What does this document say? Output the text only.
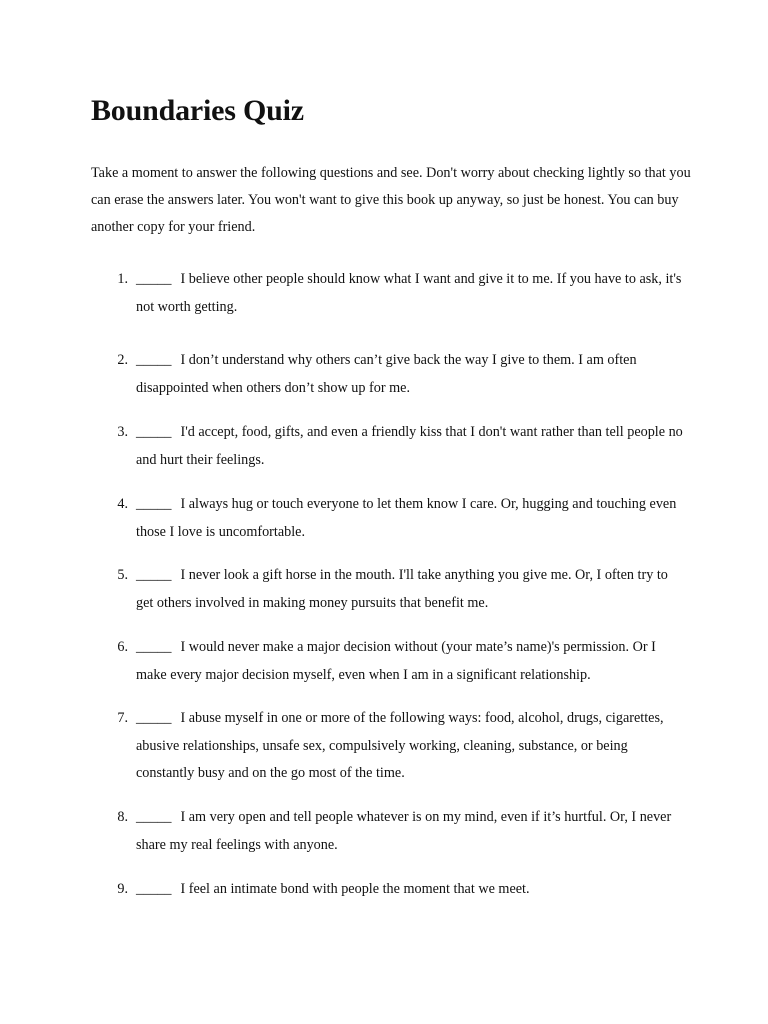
Boundaries Quiz

Take a moment to answer the following questions and see. Don't worry about checking lightly so that you can erase the answers later. You won't want to give this book up anyway, so just be honest. You can buy another copy for your friend.

1. _____ I believe other people should know what I want and give it to me. If you have to ask, it's not worth getting.
2. _____ I don’t understand why others can’t give back the way I give to them. I am often disappointed when others don’t show up for me.
3. _____ I'd accept, food, gifts, and even a friendly kiss that I don't want rather than tell people no and hurt their feelings.
4. _____ I always hug or touch everyone to let them know I care. Or, hugging and touching even those I love is uncomfortable.
5. _____ I never look a gift horse in the mouth. I'll take anything you give me. Or, I often try to get others involved in making money pursuits that benefit me.
6. _____ I would never make a major decision without (your mate’s name)'s permission. Or I make every major decision myself, even when I am in a significant relationship.
7. _____ I abuse myself in one or more of the following ways: food, alcohol, drugs, cigarettes, abusive relationships, unsafe sex, compulsively working, cleaning, substance, or being constantly busy and on the go most of the time.
8. _____ I am very open and tell people whatever is on my mind, even if it’s hurtful. Or, I never share my real feelings with anyone.
9. _____ I feel an intimate bond with people the moment that we meet.
